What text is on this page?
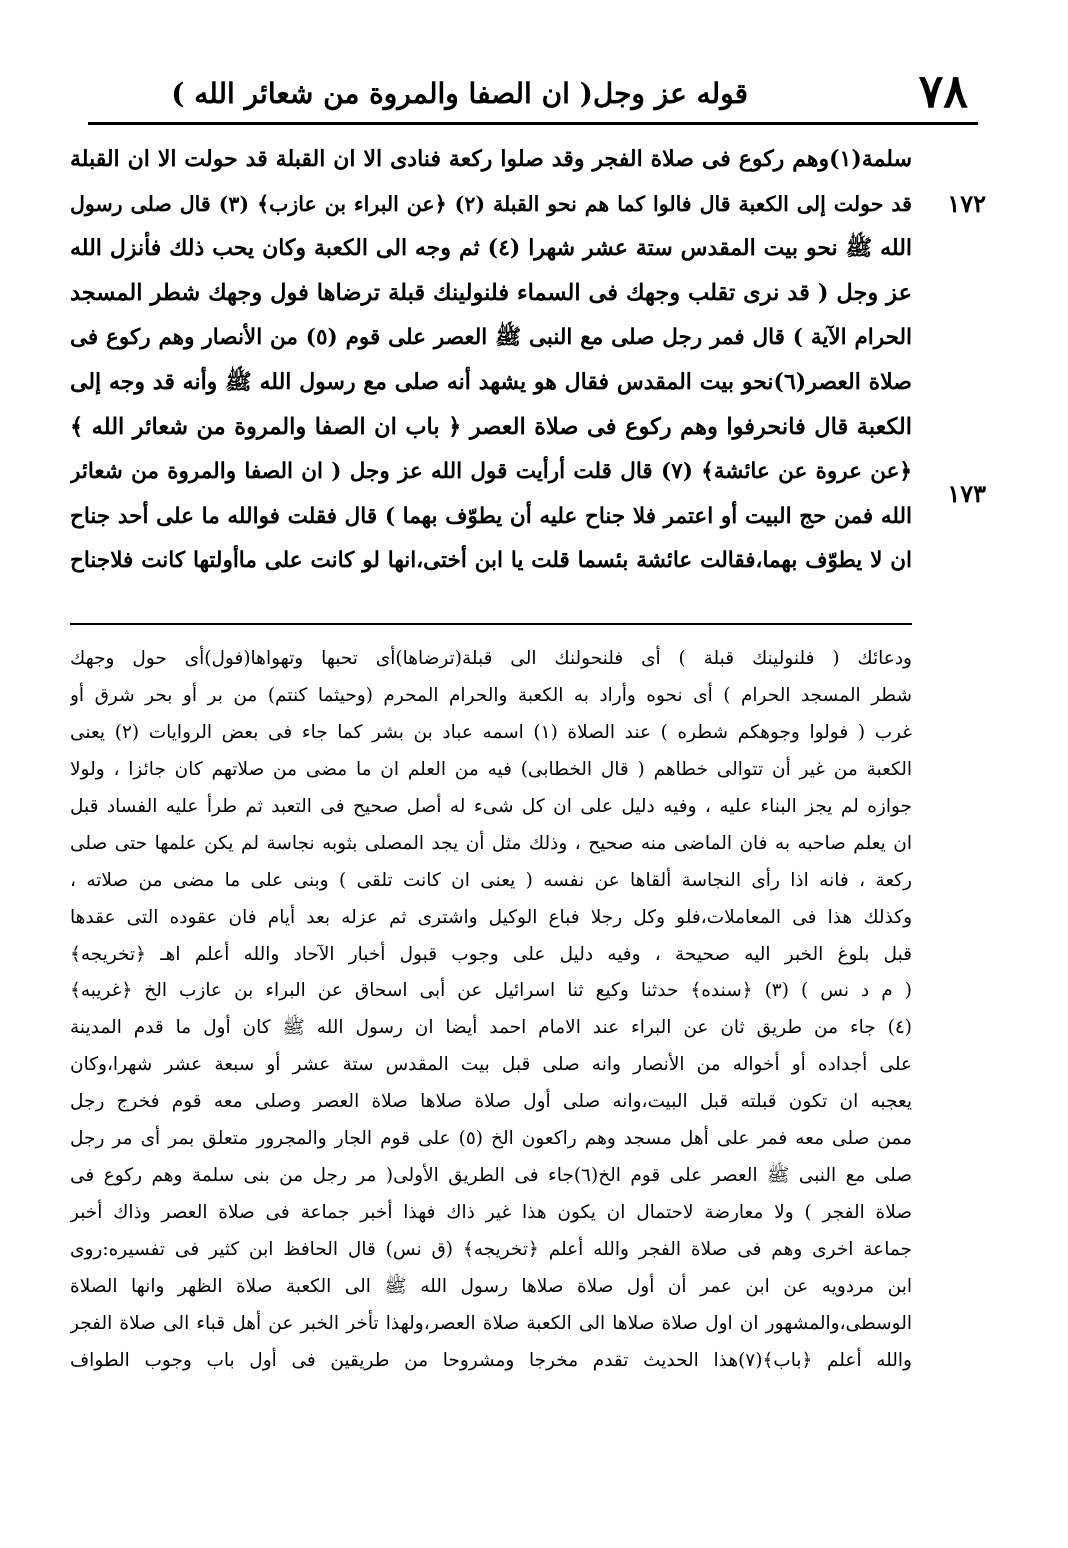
٧٨
قوله عز وجل( ان الصفا والمروة من شعائر الله )
١٧٢
١٧٣
سلمة(١)وهم ركوع فى صلاة الفجر وقد صلوا ركعة فنادى الا ان القبلة قد حولت الا ان القبلة
قد حولت إلى الكعبة قال فالوا كما هم نحو القبلة (٢) ﴿عن البراء بن عازب﴾ (٣) قال صلى رسول
الله ﷺ نحو بيت المقدس ستة عشر شهرا (٤) ثم وجه الى الكعبة وكان يحب ذلك فأنزل الله
عز وجل ( قد نرى تقلب وجهك فى السماء فلنولينك قبلة ترضاها فول وجهك شطر المسجد
الحرام الآية ) قال فمر رجل صلى مع النبى ﷺ العصر على قوم (٥) من الأنصار وهم ركوع فى
صلاة العصر(٦)نحو بيت المقدس فقال هو يشهد أنه صلى مع رسول الله ﷺ وأنه قد وجه إلى
الكعبة قال فانحرفوا وهم ركوع فى صلاة العصر ﴿ باب ان الصفا والمروة من شعائر الله ﴾
﴿عن عروة عن عائشة﴾ (٧) قال قلت أرأيت قول الله عز وجل ( ان الصفا والمروة من شعائر
الله فمن حج البيت أو اعتمر فلا جناح عليه أن يطوّف بهما ) قال فقلت فوالله ما على أحد جناح
ان لا يطوّف بهما،فقالت عائشة بئسما قلت يا ابن أختى،انها لو كانت على ماأولتها كانت فلاجناح
ودعائك ( فلنولينك قبلة ) أى فلنحولنك الى قبلة(ترضاها)أى تحبها وتهواها(فول)أى حول وجهك
شطر المسجد الحرام ) أى نحوه وأراد به الكعبة والحرام المحرم (وحيثما كنتم) من بر أو بحر شرق أو
غرب ( فولوا وجوهكم شطره ) عند الصلاة (١) اسمه عباد بن بشر كما جاء فى بعض الروايات (٢) يعنى
الكعبة من غير أن تتوالى خطاهم ( قال الخطابى) فيه من العلم ان ما مضى من صلاتهم كان جائزا ، ولولا
جوازه لم يجز البناء عليه ، وفيه دليل على ان كل شىء له أصل صحيح فى التعبد ثم طرأ عليه الفساد قبل
ان يعلم صاحبه به فان الماضى منه صحيح ، وذلك مثل أن يجد المصلى بثوبه نجاسة لم يكن علمها حتى صلى
ركعة ، فانه اذا رأى النجاسة ألقاها عن نفسه ( يعنى ان كانت تلقى ) وبنى على ما مضى من صلاته ،
وكذلك هذا فى المعاملات،فلو وكل رجلا فباع الوكيل واشترى ثم عزله بعد أيام فان عقوده التى عقدها
قبل بلوغ الخبر اليه صحيحة ، وفيه دليل على وجوب قبول أخبار الآحاد والله أعلم اهـ ﴿تخريجه﴾
( م د نس ) (٣) ﴿سنده﴾ حدثنا وكيع ثنا اسرائيل عن أبى اسحاق عن البراء بن عازب الخ ﴿غريبه﴾
(٤) جاء من طريق ثان عن البراء عند الامام احمد أيضا ان رسول الله ﷺ كان أول ما قدم المدينة
على أجداده أو أخواله من الأنصار وانه صلى قبل بيت المقدس ستة عشر أو سبعة عشر شهرا،وكان
يعجبه ان تكون قبلته قبل البيت،وانه صلى أول صلاة صلاها صلاة العصر وصلى معه قوم فخرج رجل
ممن صلى معه فمر على أهل مسجد وهم راكعون الخ (٥) على قوم الجار والمجرور متعلق بمر أى مر رجل
صلى مع النبى ﷺ العصر على قوم الخ(٦)جاء فى الطريق الأولى( مر رجل من بنى سلمة وهم ركوع فى
صلاة الفجر ) ولا معارضة لاحتمال ان يكون هذا غير ذاك فهذا أخبر جماعة فى صلاة العصر وذاك أخبر
جماعة اخرى وهم فى صلاة الفجر والله أعلم ﴿تخريجه﴾ (ق نس) قال الحافظ ابن كثير فى تفسيره:روى
ابن مردويه عن ابن عمر أن أول صلاة صلاها رسول الله ﷺ الى الكعبة صلاة الظهر وانها الصلاة
الوسطى،والمشهور ان اول صلاة صلاها الى الكعبة صلاة العصر،ولهذا تأخر الخبر عن أهل قباء الى صلاة الفجر
والله أعلم ﴿باب﴾(٧)هذا الحديث تقدم مخرجا ومشروحا من طريقين فى أول باب وجوب الطواف
